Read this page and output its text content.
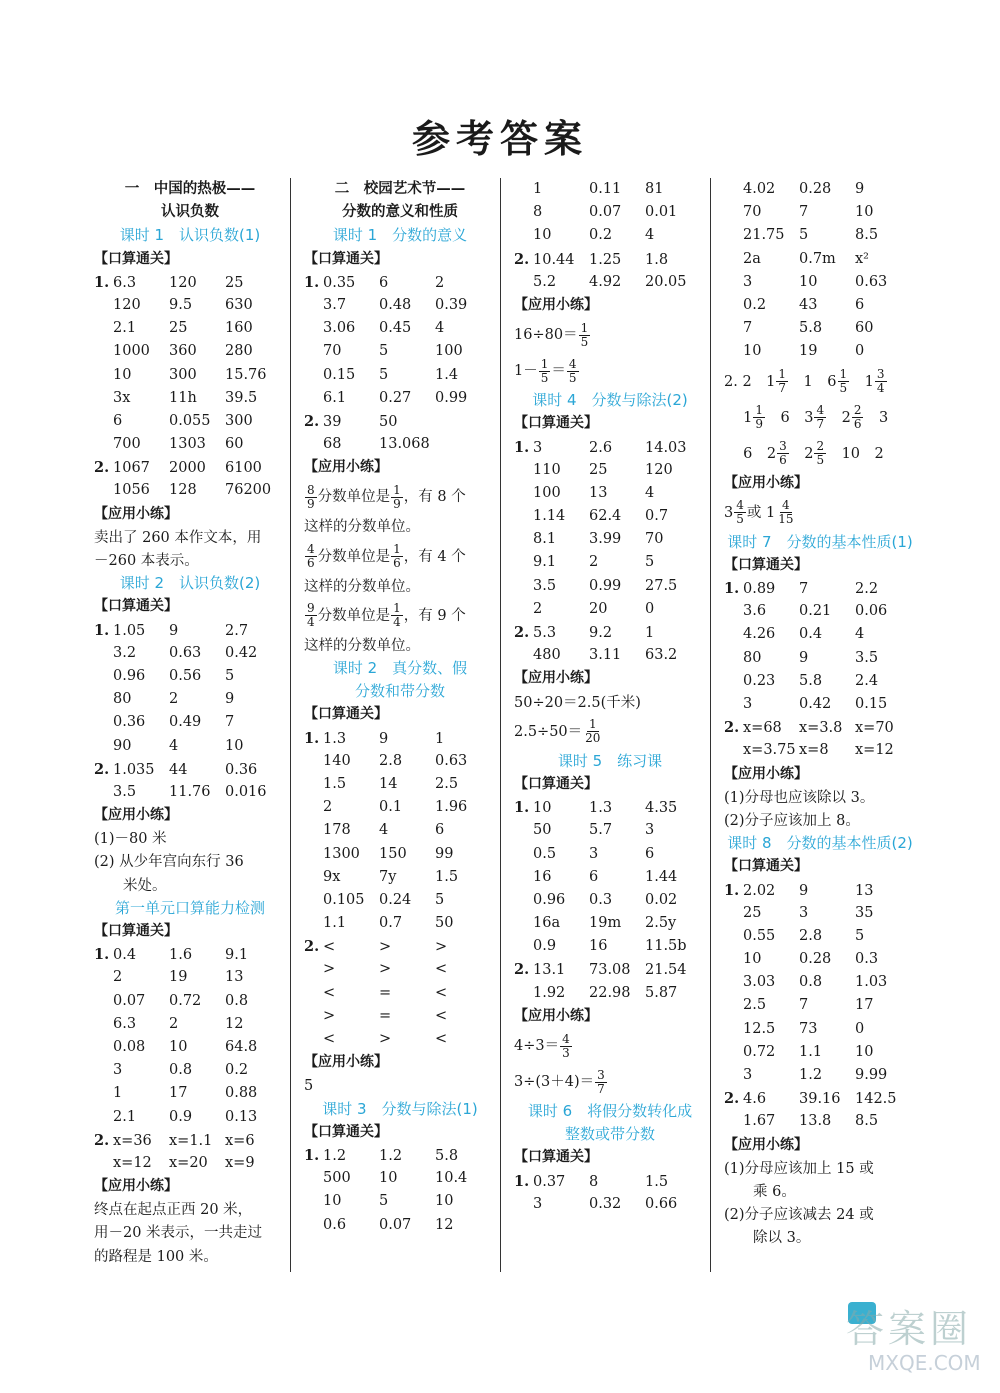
参考答案
一　中国的热极——
认识负数
课时 1　认识负数(1)
【口算通关】
1. 6.3 120 25
120 9.5 630
2.1 25	160
1000 360 280
10	300 15.76
3x	11h 39.5
6	0.055 300
700 1303 60
2. 1067 2000 6100
1056 128 76200
【应用小练】
卖出了 260 本作文本，用
－260 本表示。
课时 2　认识负数(2)
【口算通关】
1. 1.05 9	2.7
3.2 0.63 0.42
0.96 0.56 5
80	2	9
0.36 0.49 7
90	4	10
2. 1.035 44	0.36
3.5 11.76 0.016
【应用小练】
(1)－80 米
(2) 从少年宫向东行 36
　　米处。
第一单元口算能力检测
【口算通关】
1. 0.4 1.6 9.1
2	19	13
0.07 0.72 0.8
6.3 2	12
0.08 10	64.8
3	0.8 0.2
1	17	0.88
2.1 0.9 0.13
2. x=36 x=1.1 x=6
x=12 x=20 x=9
【应用小练】
终点在起点正西 20 米，
用－20 米表示，一共走过
的路程是 100 米。
二　校园艺术节——
分数的意义和性质
课时 1　分数的意义
【口算通关】
1. 0.35 6	2
3.7 0.48 0.39
3.06 0.45 4
70	5	100
0.15 5	1.4
6.1 0.27 0.99
2. 39	50
68	13.068
【应用小练】
$\frac{8}{9}$ 分数单位是 $\frac{1}{9}$ ，有 8 个
这样的分数单位。
$\frac{4}{6}$ 分数单位是 $\frac{1}{6}$ ，有 4 个
这样的分数单位。
$\frac{9}{4}$ 分数单位是 $\frac{1}{4}$ ，有 9 个
这样的分数单位。
课时 2　真分数、假
分数和带分数
【口算通关】
1. 1.3 9	1
140 2.8 0.63
1.5 14	2.5
2	0.1 1.96
178 4	6
1300 150 99
9x	7y	1.5
0.105 0.24 5
1.1 0.7 50
2. <	>	>
>	>	<
<	=	<
>	=	<
<	>	<
【应用小练】
5
课时 3　分数与除法(1)
【口算通关】
1. 1.2 1.2 5.8
500 10	10.4
10	5	10
0.6 0.07 12
1	0.11 81
8	0.07 0.01
10	0.2 4
2. 10.44 1.25 1.8
5.2 4.92 20.05
【应用小练】
$16\div 80= \frac{1}{5}$
$1- \frac{1}{5} = \frac{4}{5}$
课时 4　分数与除法(2)
【口算通关】
1. 3	2.6 14.03
110 25	120
100 13	4
1.14 62.4 0.7
8.1 3.99 70
9.1 2	5
3.5 0.99 27.5
2	20	0
2. 5.3 9.2 1
480 3.11 63.2
【应用小练】
50÷20＝2.5(千米)
$2.5\div 50= \frac{1}{20}$
课时 5　练习课
【口算通关】
1. 10	1.3 4.35
50	5.7 3
0.5 3	6
16	6	1.44
0.96 0.3 0.02
16a 19m 2.5y
0.9 16	11.5b
2. 13.1 73.08 21.54
1.92 22.98 5.87
【应用小练】
$4\div 3= \frac{4}{3}$
$3\div(3+4)= \frac{3}{7}$
课时 6　将假分数转化成
整数或带分数
【口算通关】
1. 0.37 8	1.5
3	0.32 0.66
4.02 0.28 9
70	7	10
21.75 5	8.5
2a	0.7m x²
3	10	0.63
0.2 43	6
7	5.8 60
10	19	0
2. 2　$1 \frac{1}{7}$ 　1　$6 \frac{1}{5}$ 　$1 \frac{3}{4}$
　 $1 \frac{1}{9}$ 　6　$3 \frac{4}{7}$ 　$2 \frac{2}{6}$ 　3
　 6　$2 \frac{3}{6}$ 　$2 \frac{2}{5}$ 　10　2
【应用小练】
$3 \frac{4}{5}$ 或 $1 \frac{4}{15}$
课时 7　分数的基本性质(1)
【口算通关】
1. 0.89 7	2.2
3.6 0.21 0.06
4.26 0.4 4
80	9	3.5
0.23 5.8 2.4
3	0.42 0.15
2. x=68 x=3.8 x=70
x=3.75 x=8 x=12
【应用小练】
(1)分母也应该除以 3。
(2)分子应该加上 8。
课时 8　分数的基本性质(2)
【口算通关】
1. 2.02 9	13
25	3	35
0.55 2.8 5
10	0.28 0.3
3.03 0.8 1.03
2.5 7	17
12.5 73	0
0.72 1.1 10
3	1.2 9.99
2. 4.6 39.16 142.5
1.67 13.8 8.5
【应用小练】
(1)分母应该加上 15 或
　　乘 6。
(2)分子应该减去 24 或
　　除以 3。
答案圈
MXQE.COM
